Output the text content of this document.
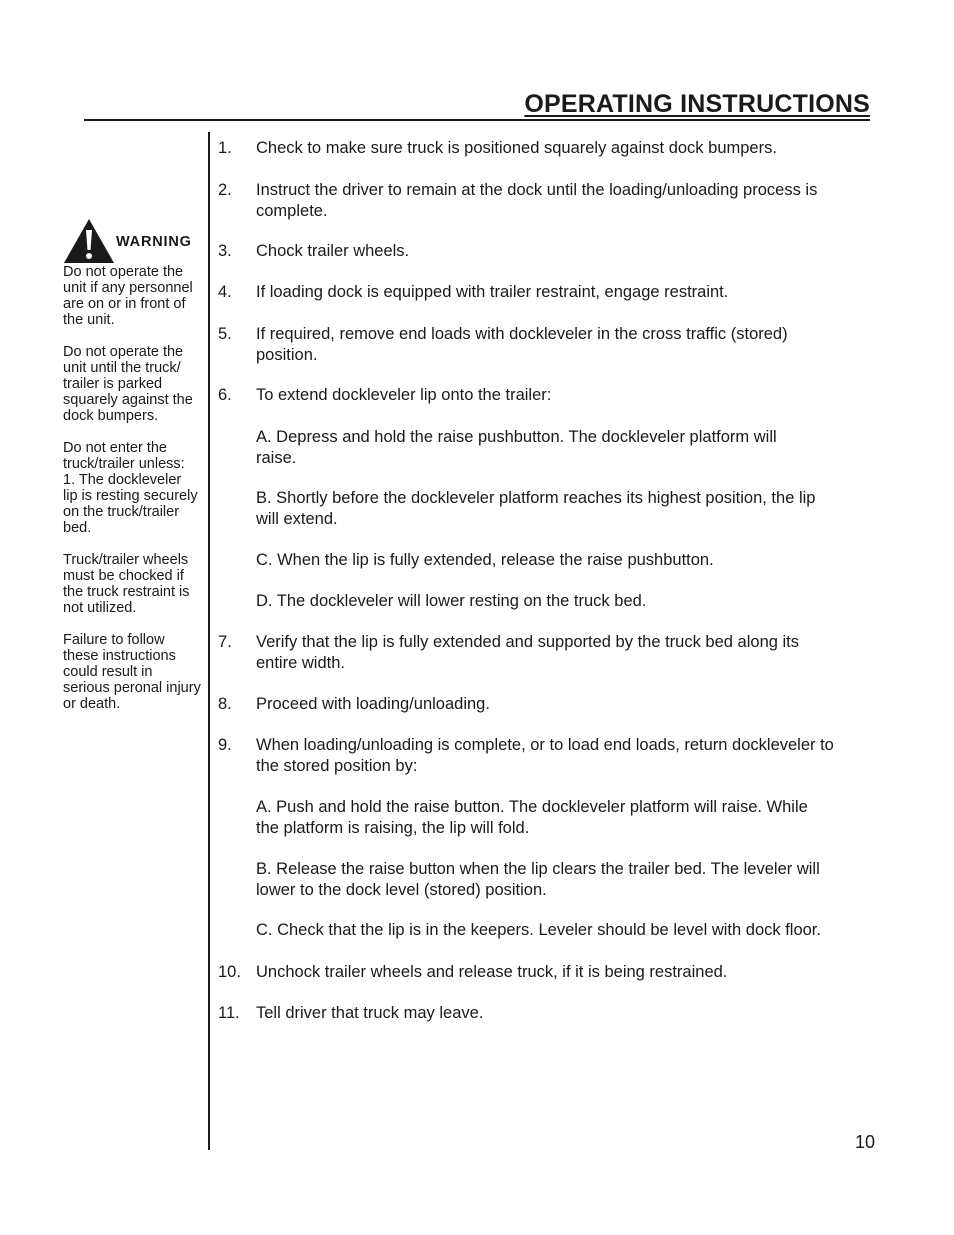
OPERATING INSTRUCTIONS
WARNING

Do not operate the
unit if any personnel
are on or in front of
the unit.

Do not operate the
unit until the truck/
trailer is parked
squarely against the
dock bumpers.

Do not enter the
truck/trailer unless:
1. The dockleveler
lip is resting securely
on the truck/trailer
bed.

Truck/trailer wheels
must be chocked if
the truck restraint is
not utilized.

Failure to follow
these instructions
could result in
serious peronal injury
or death.

1. Check to make sure truck is positioned squarely against dock bumpers.
2. Instruct the driver to remain at the dock until the loading/unloading process is
complete.
3. Chock trailer wheels.
4. If loading dock is equipped with trailer restraint, engage restraint.
5. If required, remove end loads with dockleveler in the cross traffic (stored)
position.
6. To extend dockleveler lip onto the trailer:
A. Depress and hold the raise pushbutton. The dockleveler platform will
raise.
B. Shortly before the dockleveler platform reaches its highest position, the lip
will extend.
C. When the lip is fully extended, release the raise pushbutton.
D. The dockleveler will lower resting on the truck bed.
7. Verify that the lip is fully extended and supported by the truck bed along its
entire width.
8. Proceed with loading/unloading.
9. When loading/unloading is complete, or to load end loads, return dockleveler to
the stored position by:
A. Push and hold the raise button. The dockleveler platform will raise. While
the platform is raising, the lip will fold.
B. Release the raise button when the lip clears the trailer bed. The leveler will
lower to the dock level (stored) position.
C. Check that the lip is in the keepers. Leveler should be level with dock floor.
10. Unchock trailer wheels and release truck, if it is being restrained.
11. Tell driver that truck may leave.
10
